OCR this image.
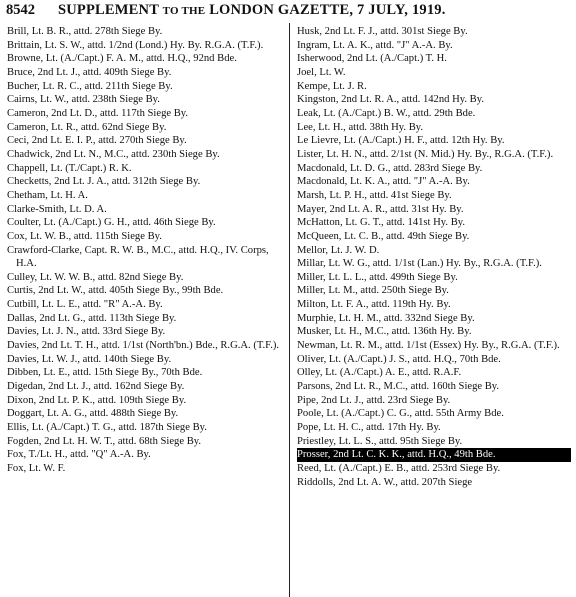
8542	SUPPLEMENT TO THE LONDON GAZETTE, 7 JULY, 1919.
Brill, Lt. B. R., attd. 278th Siege By.
Brittain, Lt. S. W., attd. 1/2nd (Lond.) Hy. By. R.G.A. (T.F.).
Browne, Lt. (A./Capt.) F. A. M., attd. H.Q., 92nd Bde.
Bruce, 2nd Lt. J., attd. 409th Siege By.
Bucher, Lt. R. C., attd. 211th Siege By.
Cairns, Lt. W., attd. 238th Siege By.
Cameron, 2nd Lt. D., attd. 117th Siege By.
Cameron, Lt. R., attd. 62nd Siege By.
Ceci, 2nd Lt. E. I. P., attd. 270th Siege By.
Chadwick, 2nd Lt. N., M.C., attd. 230th Siege By.
Chappell, Lt. (T./Capt.) R. K.
Checketts, 2nd Lt. J. A., attd. 312th Siege By.
Chetham, Lt. H. A.
Clarke-Smith, Lt. D. A.
Coulter, Lt. (A./Capt.) G. H., attd. 46th Siege By.
Cox, Lt. W. B., attd. 115th Siege By.
Crawford-Clarke, Capt. R. W. B., M.C., attd. H.Q., IV. Corps, H.A.
Culley, Lt. W. W. B., attd. 82nd Siege By.
Curtis, 2nd Lt. W., attd. 405th Siege By., 99th Bde.
Cutbill, Lt. L. E., attd. "R" A.-A. By.
Dallas, 2nd Lt. G., attd. 113th Siege By.
Davies, Lt. J. N., attd. 33rd Siege By.
Davies, 2nd Lt. T. H., attd. 1/1st (North'bn.) Bde., R.G.A. (T.F.).
Davies, Lt. W. J., attd. 140th Siege By.
Dibben, Lt. E., attd. 15th Siege By., 70th Bde.
Digedan, 2nd Lt. J., attd. 162nd Siege By.
Dixon, 2nd Lt. P. K., attd. 109th Siege By.
Doggart, Lt. A. G., attd. 488th Siege By.
Ellis, Lt. (A./Capt.) T. G., attd. 187th Siege By.
Fogden, 2nd Lt. H. W. T., attd. 68th Siege By.
Fox, T./Lt. H., attd. "Q" A.-A. By.
Fox, Lt. W. F.
Husk, 2nd Lt. F. J., attd. 301st Siege By.
Ingram, Lt. A. K., attd. "J" A.-A. By.
Isherwood, 2nd Lt. (A./Capt.) T. H.
Joel, Lt. W.
Kempe, Lt. J. R.
Kingston, 2nd Lt. R. A., attd. 142nd Hy. By.
Leak, Lt. (A./Capt.) B. W., attd. 29th Bde.
Lee, Lt. H., attd. 38th Hy. By.
Le Lievre, Lt. (A./Capt.) H. F., attd. 12th Hy. By.
Lister, Lt. H. N., attd. 2/1st (N. Mid.) Hy. By., R.G.A. (T.F.).
Macdonald, Lt. D. G., attd. 283rd Siege By.
Macdonald, Lt. K. A., attd. "J" A.-A. By.
Marsh, Lt. P. H., attd. 41st Siege By.
Mayer, 2nd Lt. A. R., attd. 31st Hy. By.
McHatton, Lt. G. T., attd. 141st Hy. By.
McQueen, Lt. C. B., attd. 49th Siege By.
Mellor, Lt. J. W. D.
Millar, Lt. W. G., attd. 1/1st (Lan.) Hy. By., R.G.A. (T.F.).
Miller, Lt. L. L., attd. 499th Siege By.
Miller, Lt. M., attd. 250th Siege By.
Milton, Lt. F. A., attd. 119th Hy. By.
Murphie, Lt. H. M., attd. 332nd Siege By.
Musker, Lt. H., M.C., attd. 136th Hy. By.
Newman, Lt. R. M., attd. 1/1st (Essex) Hy. By., R.G.A. (T.F.).
Oliver, Lt. (A./Capt.) J. S., attd. H.Q., 70th Bde.
Olley, Lt. (A./Capt.) A. E., attd. R.A.F.
Parsons, 2nd Lt. R., M.C., attd. 160th Siege By.
Pipe, 2nd Lt. J., attd. 23rd Siege By.
Poole, Lt. (A./Capt.) C. G., attd. 55th Army Bde.
Pope, Lt. H. C., attd. 17th Hy. By.
Priestley, Lt. L. S., attd. 95th Siege By.
Prosser, 2nd Lt. C. K. K., attd. H.Q., 49th Bde.
Reed, Lt. (A./Capt.) E. B., attd. 253rd Siege By.
Riddolls, 2nd Lt. A. W., attd. 207th Siege
